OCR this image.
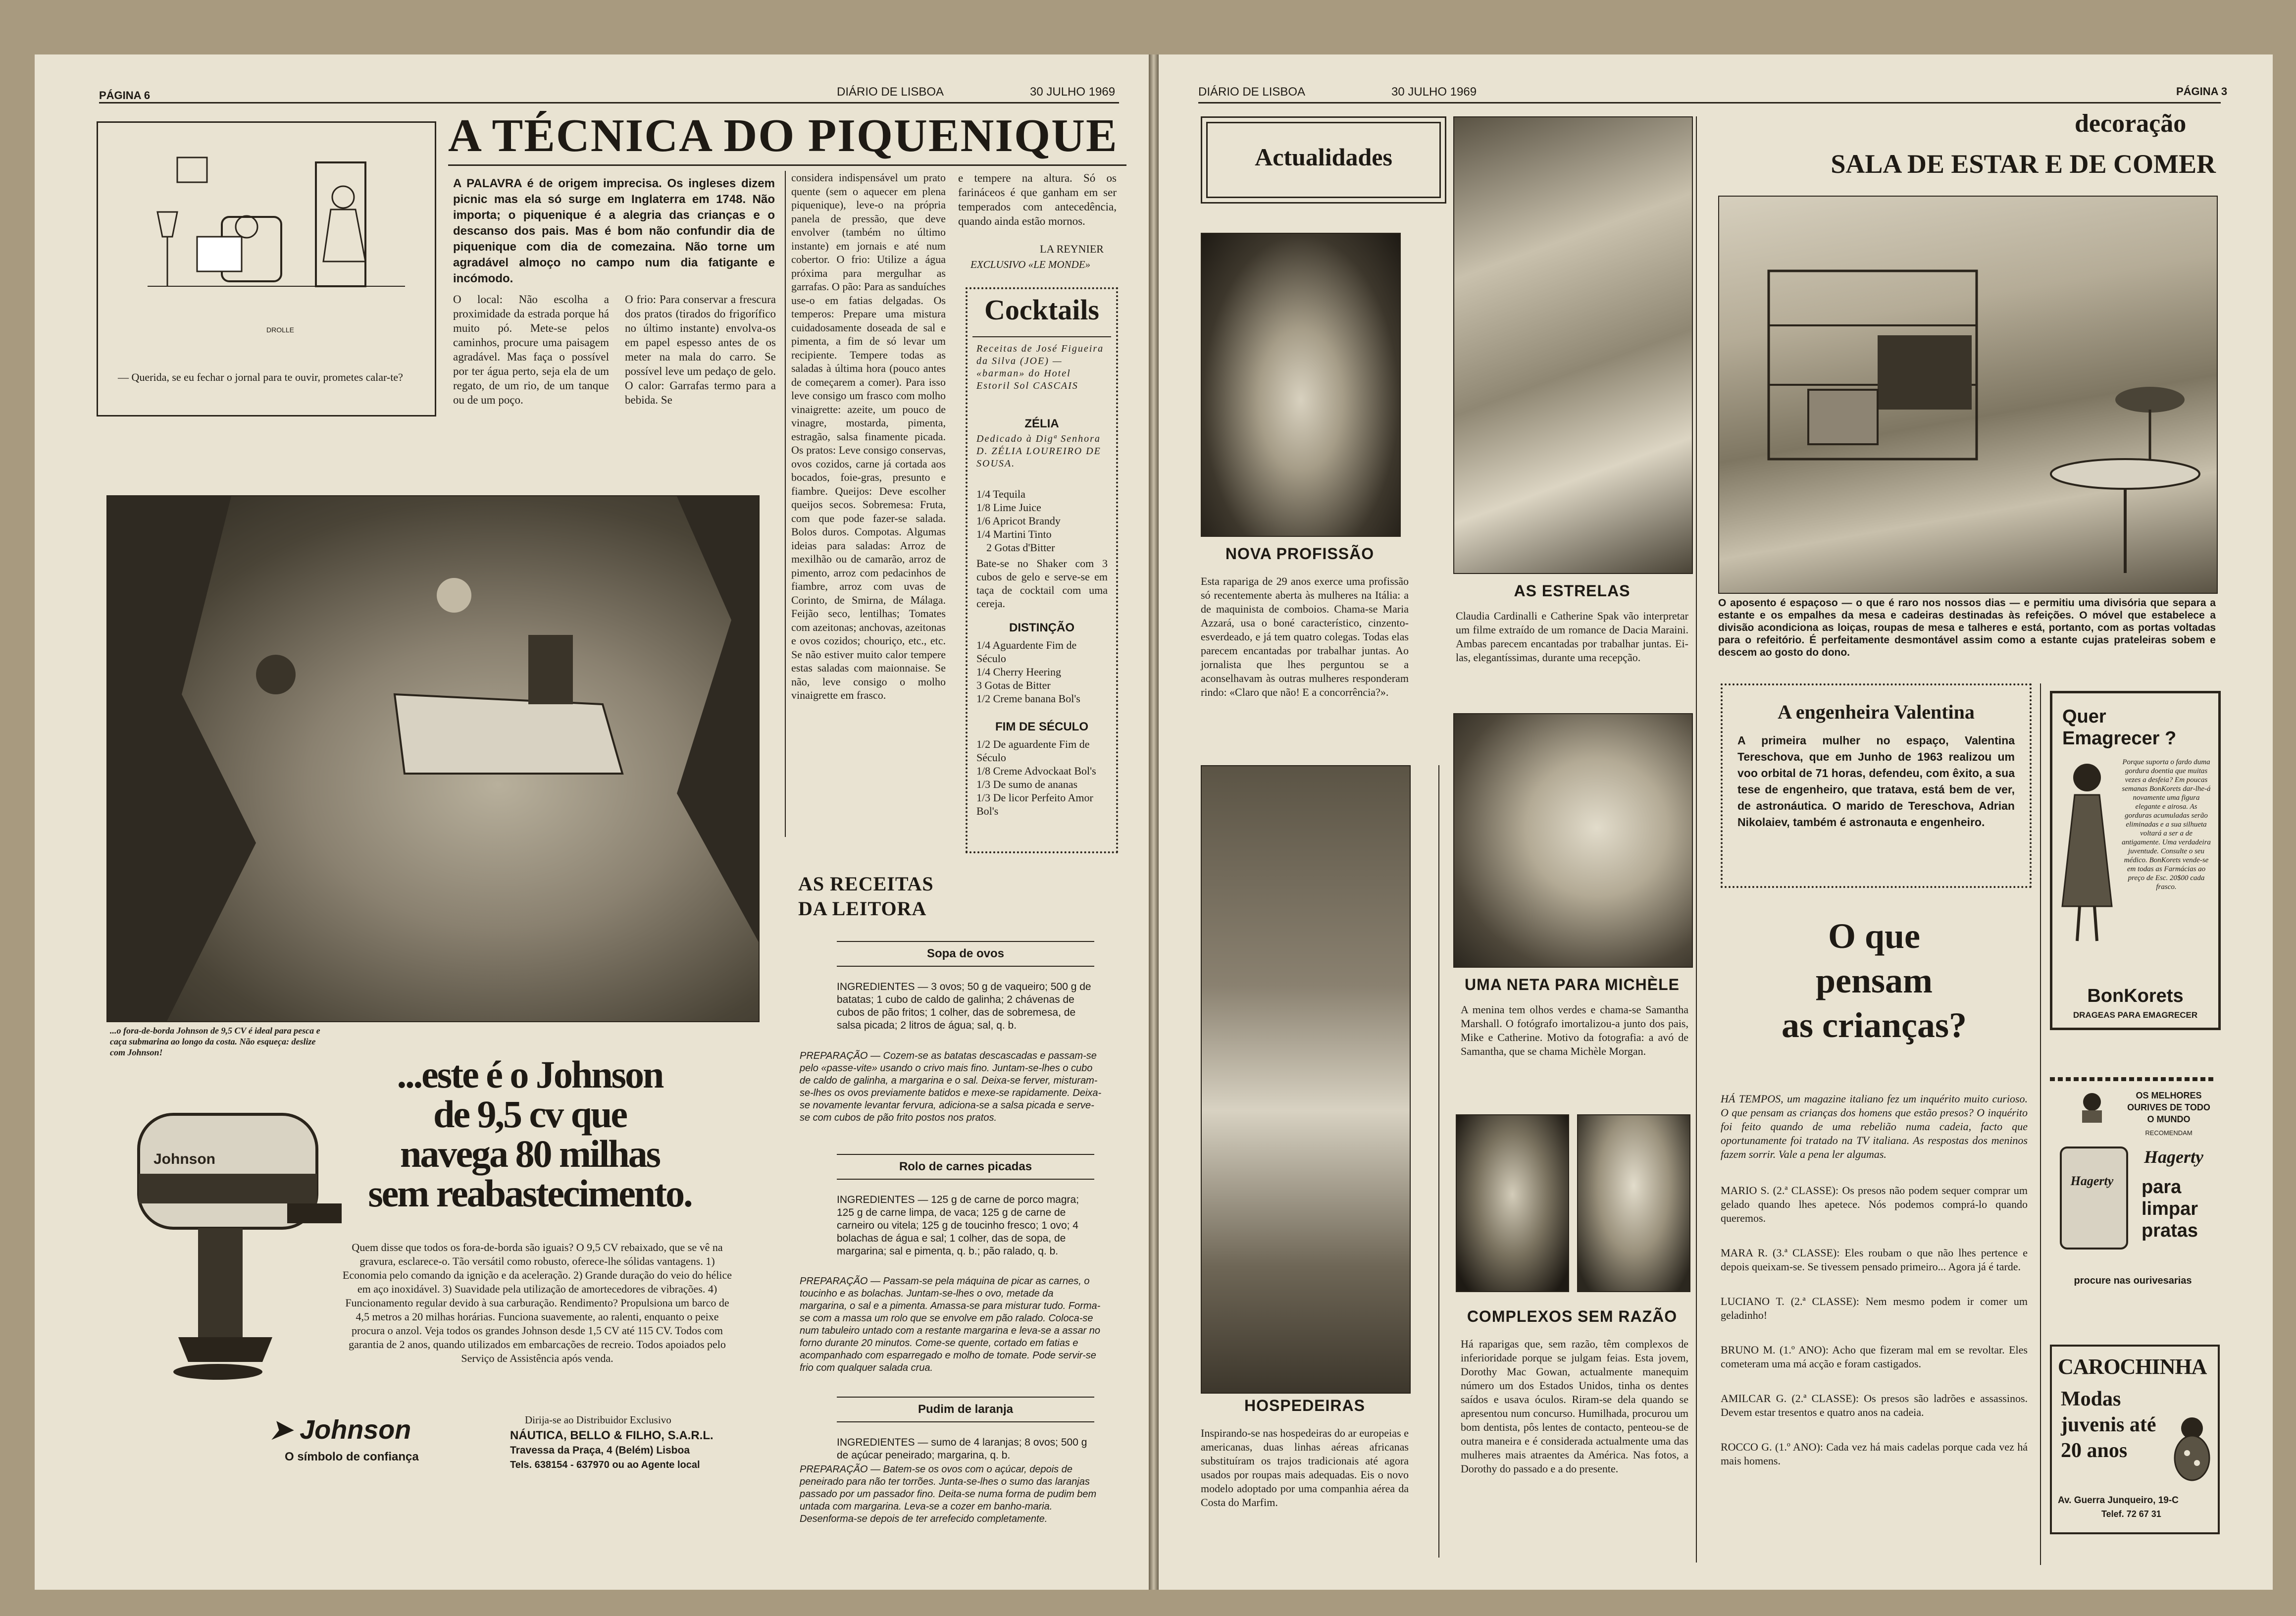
PÁGINA 6	DIÁRIO DE LISBOA	30 JULHO 1969
DROLLE
— Querida, se eu fechar o jornal para te ouvir, prometes calar-te?
A TÉCNICA DO PIQUENIQUE
A PALAVRA é de origem imprecisa. Os ingleses dizem picnic mas ela só surge em Inglaterra em 1748. Não importa; o piquenique é a alegria das crianças e o descanso dos pais. Mas é bom não confundir dia de piquenique com dia de comezaina. Não torne um agradável almoço no campo num dia fatigante e incómodo.
O local: Não escolha a proximidade da estrada porque há muito pó. Mete-se pelos caminhos, procure uma paisagem agradável. Mas faça o possível por ter água perto, seja ela de um regato, de um rio, de um tanque ou de um poço.
O frio: Para conservar a frescura dos pratos (tirados do frigorífico no último instante) envolva-os em papel espesso antes de os meter na mala do carro. Se possível leve um pedaço de gelo. O calor: Garrafas termo para a bebida. Se
considera indispensável um prato quente (sem o aquecer em plena piquenique), leve-o na própria panela de pressão, que deve envolver (também no último instante) em jornais e até num cobertor. O frio: Utilize a água próxima para mergulhar as garrafas. O pão: Para as sanduíches use-o em fatias delgadas. Os temperos: Prepare uma mistura cuidadosamente doseada de sal e pimenta, a fim de só levar um recipiente. Tempere todas as saladas à última hora (pouco antes de começarem a comer). Para isso leve consigo um frasco com molho vinaigrette: azeite, um pouco de vinagre, mostarda, pimenta, estragão, salsa finamente picada. Os pratos: Leve consigo conservas, ovos cozidos, carne já cortada aos bocados, foie-gras, presunto e fiambre. Queijos: Deve escolher queijos secos. Sobremesa: Fruta, com que pode fazer-se salada. Bolos duros. Compotas. Algumas ideias para saladas: Arroz de mexilhão ou de camarão, arroz de pimento, arroz com pedacinhos de fiambre, arroz com uvas de Corinto, de Smirna, de Málaga. Feijão seco, lentilhas; Tomates com azeitonas; anchovas, azeitonas e ovos cozidos; chouriço, etc., etc. Se não estiver muito calor tempere estas saladas com maionnaise. Se não, leve consigo o molho vinaigrette em frasco.
e tempere na altura. Só os farináceos é que ganham em ser temperados com antecedência, quando ainda estão mornos.
LA REYNIER
EXCLUSIVO «LE MONDE»
Cocktails
Receitas de José Figueira da Silva (JOE) — «barman» do Hotel Estoril Sol CASCAIS
ZÉLIA
Dedicado à Digª Senhora D. ZÉLIA LOUREIRO DE SOUSA.
1/4 Tequila
1/8 Lime Juice
1/6 Apricot Brandy
1/4 Martini Tinto
2 Gotas d'Bitter
Bate-se no Shaker com 3 cubos de gelo e serve-se em taça de cocktail com uma cereja.
DISTINÇÃO
1/4 Aguardente Fim de Século
1/4 Cherry Heering
3 Gotas de Bitter
1/2 Creme banana Bol's
FIM DE SÉCULO
1/2 De aguardente Fim de Século
1/8 Creme Advockaat Bol's
1/3 De sumo de ananas
1/3 De licor Perfeito Amor Bol's
...o fora-de-borda Johnson de 9,5 CV é ideal para pesca e caça submarina ao longo da costa. Não esqueça: deslize com Johnson!
...este é o Johnson
de 9,5 cv que
navega 80 milhas
sem reabastecimento.
Johnson
Quem disse que todos os fora-de-borda são iguais? O 9,5 CV rebaixado, que se vê na gravura, esclarece-o. Tão versátil como robusto, oferece-lhe sólidas vantagens. 1) Economia pelo comando da ignição e da aceleração. 2) Grande duração do veio do hélice em aço inoxidável. 3) Suavidade pela utilização de amortecedores de vibrações. 4) Funcionamento regular devido à sua carburação. Rendimento? Propulsiona um barco de 4,5 metros a 20 milhas horárias. Funciona suavemente, ao ralenti, enquanto o peixe procura o anzol. Veja todos os grandes Johnson desde 1,5 CV até 115 CV. Todos com garantia de 2 anos, quando utilizados em embarcações de recreio. Todos apoiados pelo Serviço de Assistência após venda.
➤ Johnson
O símbolo de confiança
Dirija-se ao Distribuidor Exclusivo
NÁUTICA, BELLO & FILHO, S.A.R.L.
Travessa da Praça, 4 (Belém) Lisboa
Tels. 638154 - 637970 ou ao Agente local
AS RECEITAS
DA LEITORA
Sopa de ovos
INGREDIENTES — 3 ovos; 50 g de vaqueiro; 500 g de batatas; 1 cubo de caldo de galinha; 2 chávenas de cubos de pão fritos; 1 colher, das de sobremesa, de salsa picada; 2 litros de água; sal, q. b.
PREPARAÇÃO — Cozem-se as batatas descascadas e passam-se pelo «passe-vite» usando o crivo mais fino. Juntam-se-lhes o cubo de caldo de galinha, a margarina e o sal. Deixa-se ferver, misturam-se-lhes os ovos previamente batidos e mexe-se rapidamente. Deixa-se novamente levantar fervura, adiciona-se a salsa picada e serve-se com cubos de pão frito postos nos pratos.
Rolo de carnes picadas
INGREDIENTES — 125 g de carne de porco magra; 125 g de carne limpa, de vaca; 125 g de carne de carneiro ou vitela; 125 g de toucinho fresco; 1 ovo; 4 bolachas de água e sal; 1 colher, das de sopa, de margarina; sal e pimenta, q. b.; pão ralado, q. b.
PREPARAÇÃO — Passam-se pela máquina de picar as carnes, o toucinho e as bolachas. Juntam-se-lhes o ovo, metade da margarina, o sal e a pimenta. Amassa-se para misturar tudo. Forma-se com a massa um rolo que se envolve em pão ralado. Coloca-se num tabuleiro untado com a restante margarina e leva-se a assar no forno durante 20 minutos. Come-se quente, cortado em fatias e acompanhado com esparregado e molho de tomate. Pode servir-se frio com qualquer salada crua.
Pudim de laranja
INGREDIENTES — sumo de 4 laranjas; 8 ovos; 500 g de açúcar peneirado; margarina, q. b.
PREPARAÇÃO — Batem-se os ovos com o açúcar, depois de peneirado para não ter torrões. Junta-se-lhes o sumo das laranjas passado por um passador fino. Deita-se numa forma de pudim bem untada com margarina. Leva-se a cozer em banho-maria. Desenforma-se depois de ter arrefecido completamente.
DIÁRIO DE LISBOA	30 JULHO 1969	PÁGINA 3
Actualidades
NOVA PROFISSÃO
Esta rapariga de 29 anos exerce uma profissão só recentemente aberta às mulheres na Itália: a de maquinista de comboios. Chama-se Maria Azzará, usa o boné característico, cinzento-esverdeado, e já tem quatro colegas. Todas elas parecem encantadas por trabalhar juntas. Ao jornalista que lhes perguntou se a aconselhavam às outras mulheres responderam rindo: «Claro que não! E a concorrência?».
HOSPEDEIRAS
Inspirando-se nas hospedeiras do ar europeias e americanas, duas linhas aéreas africanas substituíram os trajos tradicionais até agora usados por roupas mais adequadas. Eis o novo modelo adoptado por uma companhia aérea da Costa do Marfim.
AS ESTRELAS
Claudia Cardinalli e Catherine Spak vão interpretar um filme extraído de um romance de Dacia Maraini. Ambas parecem encantadas por trabalhar juntas. Ei-las, elegantíssimas, durante uma recepção.
UMA NETA PARA MICHÈLE
A menina tem olhos verdes e chama-se Samantha Marshall. O fotógrafo imortalizou-a junto dos pais, Mike e Catherine. Motivo da fotografia: a avó de Samantha, que se chama Michèle Morgan.
COMPLEXOS SEM RAZÃO
Há raparigas que, sem razão, têm complexos de inferioridade porque se julgam feias. Esta jovem, Dorothy Mac Gowan, actualmente manequim número um dos Estados Unidos, tinha os dentes saídos e usava óculos. Riram-se dela quando se apresentou num concurso. Humilhada, procurou um bom dentista, pôs lentes de contacto, penteou-se de outra maneira e é considerada actualmente uma das mulheres mais atraentes da América. Nas fotos, a Dorothy do passado e a do presente.
decoração
SALA DE ESTAR E DE COMER
O aposento é espaçoso — o que é raro nos nossos dias — e permitiu uma divisória que separa a estante e os empalhes da mesa e cadeiras destinadas às refeições. O móvel que estabelece a divisão acondiciona as loiças, roupas de mesa e talheres e está, portanto, com as portas voltadas para o refeitório. É perfeitamente desmontável assim como a estante cujas prateleiras sobem e descem ao gosto do dono.
A engenheira Valentina
A primeira mulher no espaço, Valentina Tereschova, que em Junho de 1963 realizou um voo orbital de 71 horas, defendeu, com êxito, a sua tese de engenheiro, que tratava, está bem de ver, de astronáutica. O marido de Tereschova, Adrian Nikolaiev, também é astronauta e engenheiro.
O que
pensam
as crianças?
HÁ TEMPOS, um magazine italiano fez um inquérito muito curioso. O que pensam as crianças dos homens que estão presos? O inquérito foi feito quando de uma rebelião numa cadeia, facto que oportunamente foi tratado na TV italiana. As respostas dos meninos fazem sorrir. Vale a pena ler algumas.
MARIO S. (2.ª CLASSE): Os presos não podem sequer comprar um gelado quando lhes apetece. Nós podemos comprá-lo quando queremos.
MARA R. (3.ª CLASSE): Eles roubam o que não lhes pertence e depois queixam-se. Se tivessem pensado primeiro... Agora já é tarde.
LUCIANO T. (2.ª CLASSE): Nem mesmo podem ir comer um geladinho!
BRUNO M. (1.º ANO): Acho que fizeram mal em se revoltar. Eles cometeram uma má acção e foram castigados.
AMILCAR G. (2.ª CLASSE): Os presos são ladrões e assassinos. Devem estar tresentos e quatro anos na cadeia.
ROCCO G. (1.º ANO): Cada vez há mais cadelas porque cada vez há mais homens.
Quer
Emagrecer ?
Porque suporta o fardo duma gordura doentia que muitas vezes a desfeia? Em poucas semanas BonKorets dar-lhe-á novamente uma figura elegante e airosa. As gorduras acumuladas serão eliminadas e a sua silhueta voltará a ser a de antigamente. Uma verdadeira juventude. Consulte o seu médico. BonKorets vende-se em todas as Farmácias ao preço de Esc. 20$00 cada frasco.
BonKorets
DRAGEAS PARA EMAGRECER
OS MELHORES OURIVES DE TODO O MUNDO
RECOMENDAM
Hagerty
Hagerty
para
limpar
pratas
procure nas ourivesarias
CAROCHINHA
Modas
juvenis até
20 anos
Av. Guerra Junqueiro, 19-C
Telef. 72 67 31
